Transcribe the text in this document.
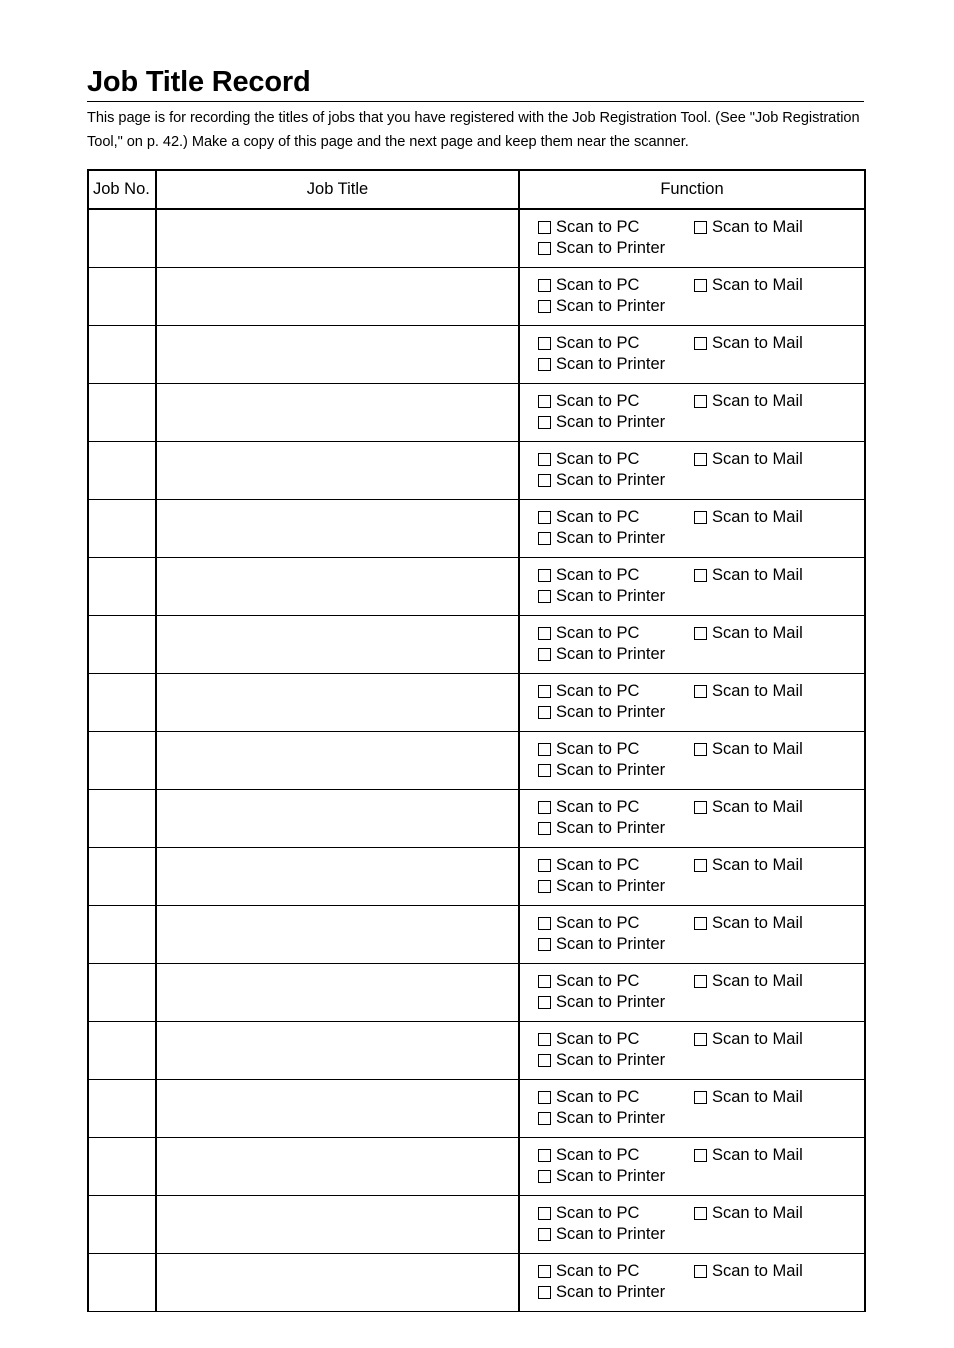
Job Title Record
This page is for recording the titles of jobs that you have registered with the Job Registration Tool. (See "Job Registration Tool," on p. 42.) Make a copy of this page and the next page and keep them near the scanner.
Job No.	Job Title	Function

		Scan to PC Scan to Mail
Scan to Printer

		Scan to PC Scan to Mail
Scan to Printer

		Scan to PC Scan to Mail
Scan to Printer

		Scan to PC Scan to Mail
Scan to Printer

		Scan to PC Scan to Mail
Scan to Printer

		Scan to PC Scan to Mail
Scan to Printer

		Scan to PC Scan to Mail
Scan to Printer

		Scan to PC Scan to Mail
Scan to Printer

		Scan to PC Scan to Mail
Scan to Printer

		Scan to PC Scan to Mail
Scan to Printer

		Scan to PC Scan to Mail
Scan to Printer

		Scan to PC Scan to Mail
Scan to Printer

		Scan to PC Scan to Mail
Scan to Printer

		Scan to PC Scan to Mail
Scan to Printer

		Scan to PC Scan to Mail
Scan to Printer

		Scan to PC Scan to Mail
Scan to Printer

		Scan to PC Scan to Mail
Scan to Printer

		Scan to PC Scan to Mail
Scan to Printer

		Scan to PC Scan to Mail
Scan to Printer
